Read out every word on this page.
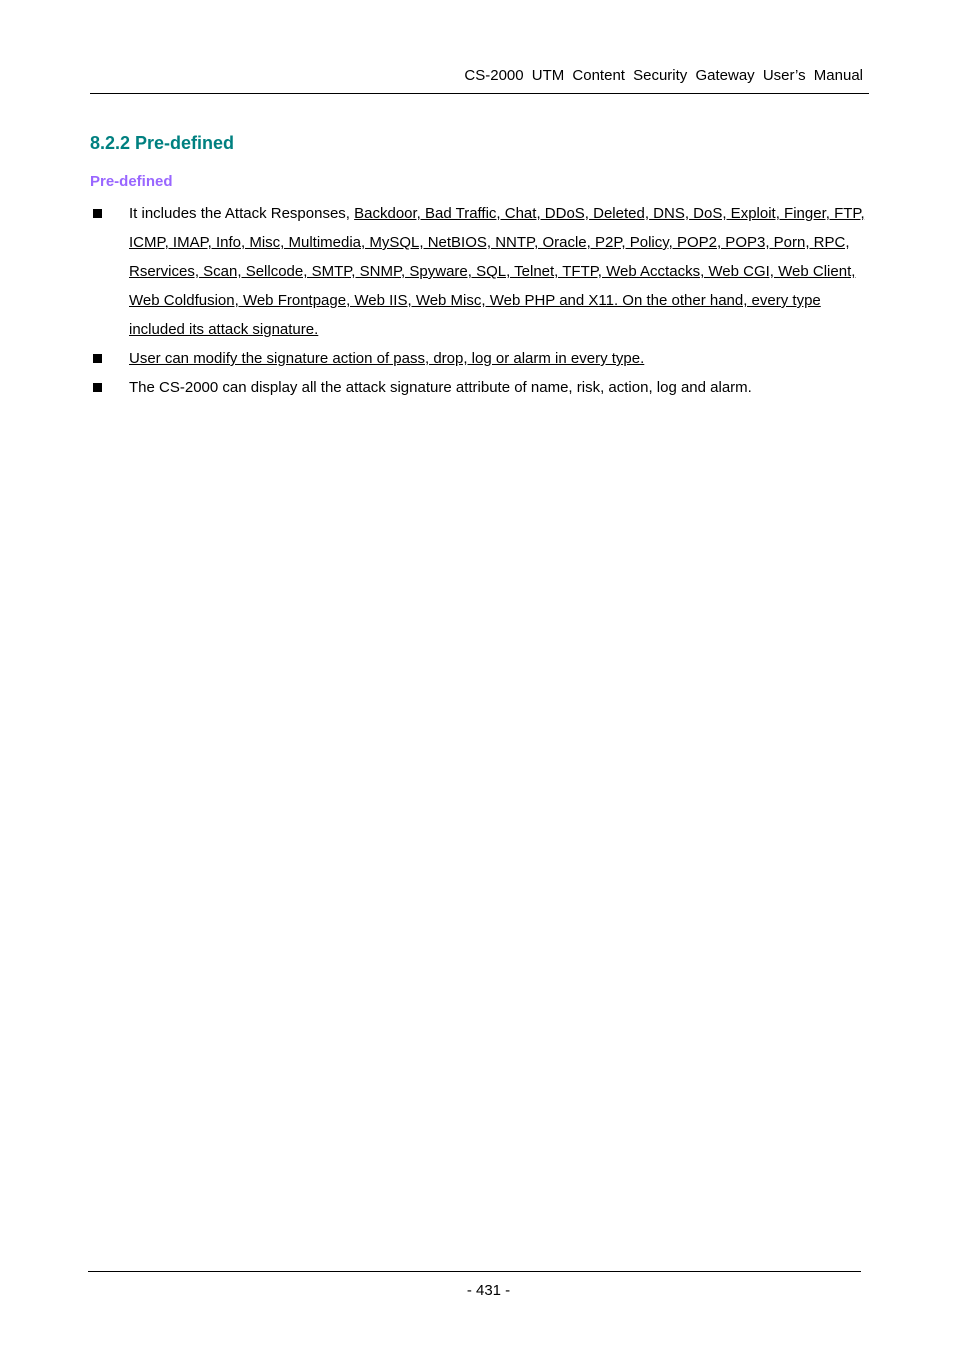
CS-2000 UTM Content Security Gateway User’s Manual
8.2.2 Pre-defined
Pre-defined
It includes the Attack Responses, Backdoor, Bad Traffic, Chat, DDoS, Deleted, DNS, DoS, Exploit, Finger, FTP, ICMP, IMAP, Info, Misc, Multimedia, MySQL, NetBIOS, NNTP, Oracle, P2P, Policy, POP2, POP3, Porn, RPC, Rservices, Scan, Sellcode, SMTP, SNMP, Spyware, SQL, Telnet, TFTP, Web Acctacks, Web CGI, Web Client, Web Coldfusion, Web Frontpage, Web IIS, Web Misc, Web PHP and X11. On the other hand, every type included its attack signature.
User can modify the signature action of pass, drop, log or alarm in every type.
The CS-2000 can display all the attack signature attribute of name, risk, action, log and alarm.
- 431 -
